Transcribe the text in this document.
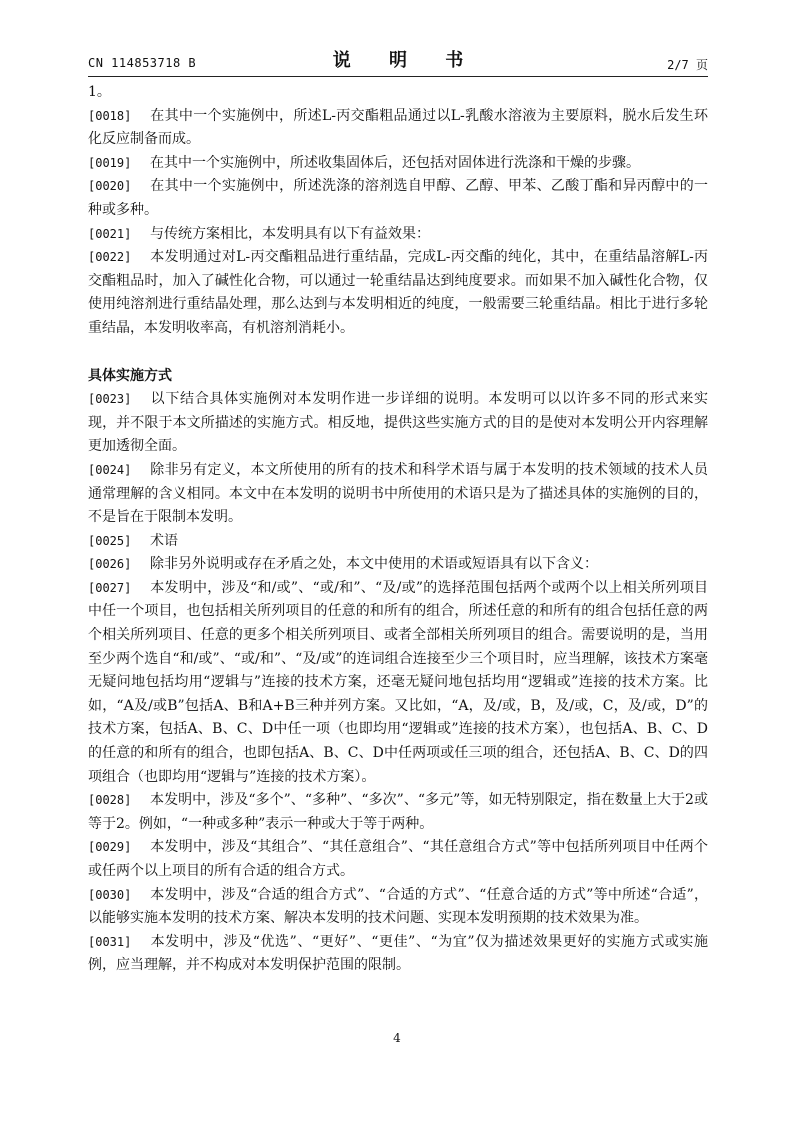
CN 114853718 B	说 明 书	2/7 页

1。

[0018] 在其中一个实施例中，所述L-丙交酯粗品通过以L-乳酸水溶液为主要原料，脱水后发生环化反应制备而成。

[0019] 在其中一个实施例中，所述收集固体后，还包括对固体进行洗涤和干燥的步骤。

[0020] 在其中一个实施例中，所述洗涤的溶剂选自甲醇、乙醇、甲苯、乙酸丁酯和异丙醇中的一种或多种。

[0021] 与传统方案相比，本发明具有以下有益效果：

[0022] 本发明通过对L-丙交酯粗品进行重结晶，完成L-丙交酯的纯化，其中，在重结晶溶解L-丙交酯粗品时，加入了碱性化合物，可以通过一轮重结晶达到纯度要求。而如果不加入碱性化合物，仅使用纯溶剂进行重结晶处理，那么达到与本发明相近的纯度，一般需要三轮重结晶。相比于进行多轮重结晶，本发明收率高，有机溶剂消耗小。

具体实施方式

[0023] 以下结合具体实施例对本发明作进一步详细的说明。本发明可以以许多不同的形式来实现，并不限于本文所描述的实施方式。相反地，提供这些实施方式的目的是使对本发明公开内容理解更加透彻全面。

[0024] 除非另有定义，本文所使用的所有的技术和科学术语与属于本发明的技术领域的技术人员通常理解的含义相同。本文中在本发明的说明书中所使用的术语只是为了描述具体的实施例的目的，不是旨在于限制本发明。

[0025] 术语

[0026] 除非另外说明或存在矛盾之处，本文中使用的术语或短语具有以下含义：

[0027] 本发明中，涉及“和/或”、“或/和”、“及/或”的选择范围包括两个或两个以上相关所列项目中任一个项目，也包括相关所列项目的任意的和所有的组合，所述任意的和所有的组合包括任意的两个相关所列项目、任意的更多个相关所列项目、或者全部相关所列项目的组合。需要说明的是，当用至少两个选自“和/或”、“或/和”、“及/或”的连词组合连接至少三个项目时，应当理解，该技术方案毫无疑问地包括均用“逻辑与”连接的技术方案，还毫无疑问地包括均用“逻辑或”连接的技术方案。比如，“A及/或B”包括A、B和A+B三种并列方案。又比如，“A，及/或，B，及/或，C，及/或，D”的技术方案，包括A、B、C、D中任一项（也即均用“逻辑或”连接的技术方案），也包括A、B、C、D的任意的和所有的组合，也即包括A、B、C、D中任两项或任三项的组合，还包括A、B、C、D的四项组合（也即均用“逻辑与”连接的技术方案）。

[0028] 本发明中，涉及“多个”、“多种”、“多次”、“多元”等，如无特别限定，指在数量上大于2或等于2。例如，“一种或多种”表示一种或大于等于两种。

[0029] 本发明中，涉及“其组合”、“其任意组合”、“其任意组合方式”等中包括所列项目中任两个或任两个以上项目的所有合适的组合方式。

[0030] 本发明中，涉及“合适的组合方式”、“合适的方式”、“任意合适的方式”等中所述“合适”，以能够实施本发明的技术方案、解决本发明的技术问题、实现本发明预期的技术效果为准。

[0031] 本发明中，涉及“优选”、“更好”、“更佳”、“为宜”仅为描述效果更好的实施方式或实施例，应当理解，并不构成对本发明保护范围的限制。

4
